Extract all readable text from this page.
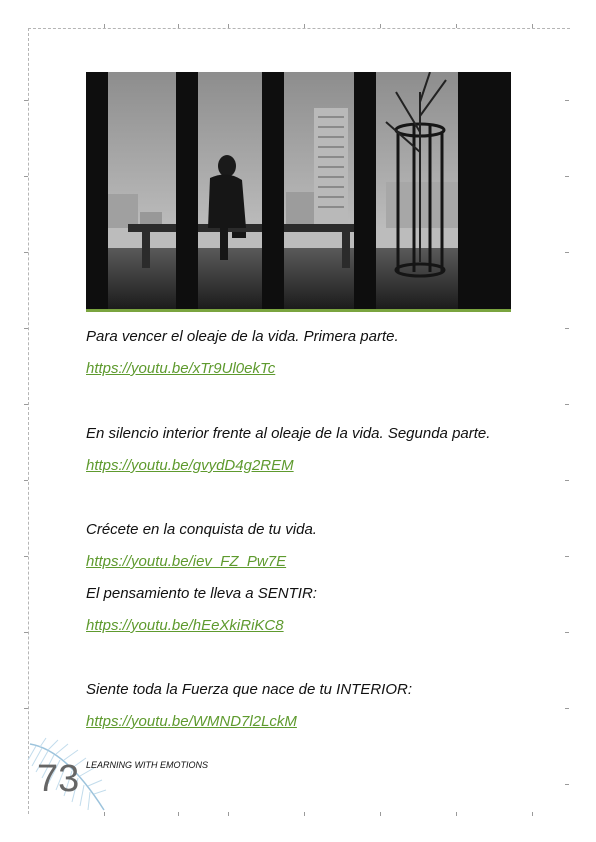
Para vencer el oleaje de la vida. Primera parte.

https://youtu.be/xTr9Ul0ekTc

En silencio interior frente al oleaje de la vida. Segunda parte.

https://youtu.be/gvydD4g2REM

Crécete en la conquista de tu vida.

https://youtu.be/iev_FZ_Pw7E

El pensamiento te lleva a SENTIR:

https://youtu.be/hEeXkiRiKC8

Siente toda la Fuerza que nace de tu INTERIOR:

https://youtu.be/WMND7l2LckM
73 LEARNING WITH EMOTIONS
